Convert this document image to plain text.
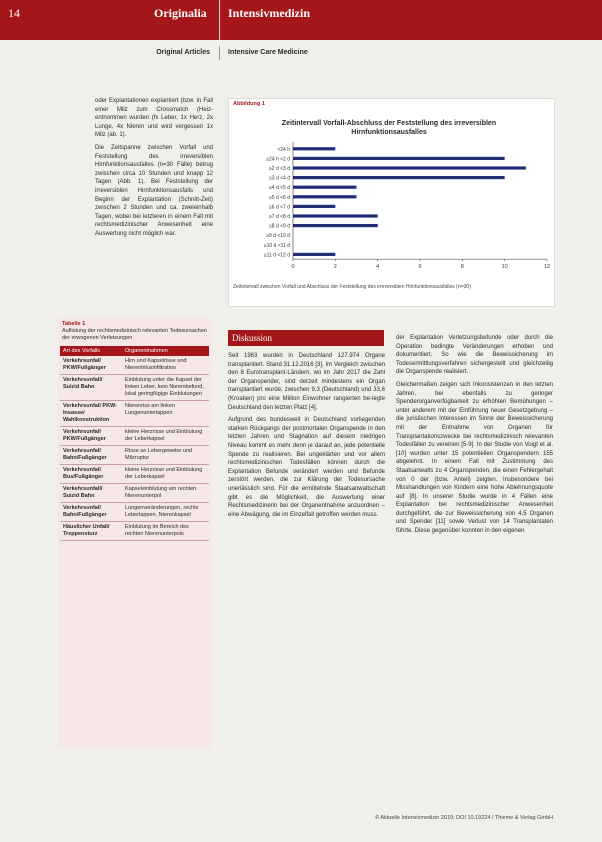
14	Originalia Intensivmedizin
Original Articles	Intensive Care Medicine

oder Explantationen explantiert (bzw. in Fall einer Milz zum Crossmatch (Heiz-entnommen wurden (fx Leber, 1x Herz, 2x Lunge, 4x Nieren und wird vergessen 1x Milz (ab. 1).

Die Zeitspanne zwischen Vorfall und Feststellung des irreversiblen Hirnfunktionsausfalles (n=30 Fälle) betrug zwischen circa 10 Stunden und knapp 12 Tagen (Abb. 1). Bei Feststellung der irreversiblen Hirnfunktionsausfalls und Beginn der Explantation (Schnitt-Zeit) zwischen 2 Stunden und ca. zweieinhalb Tagen, wobei bei letzteren in einem Fall mit rechtsmedizinischer Anwesenheit eine Auswertung nicht möglich war.

Abbildung 1
Zeitintervall Vorfall-Abschluss der Feststellung des irreversiblen Hirnfunktionsausfalles
<24 h
≥24 h <2 d
≥2 d <3 d
≥3 d <4 d
≥4 d <5 d
≥5 d <6 d
≥6 d <7 d
≥7 d <8 d
≥8 d <9 d
≥9 d <10 d
≥10 d <11 d
≥11 d <12 d
0	2	4	6	8	10	12
Zeitintervall zwischen Vorfall und Abschluss der Feststellung des irreversiblen Hirnfunktionsausfalles (n=30)
Tabelle 1
Auflistung der rechtsmedizinisch relevanten Todesursachen der erwogenen Verletzungen
Art des Vorfalls	Organentnahmen
Verkehrsunfall PKW/Fußgänger	Hirn und Kapselrisse und Nierenhilusinfiltration
Verkehrsunfall/ Suizid Bahn	Einblutung unter die Kapsel der linken Leber, kein Nierenbefund, lokal geringfügige Einblutungen
Verkehrsunfall PKW-Insasse/ Wahlkonstruktion	Nierenriss am linken Lungenunterlappen
Verkehrsunfall PKW/Fußgänger	kleine Herzrisse und Einblutung der Leberkapsel
Verkehrsunfall Bahn/Fußgänger	Risse an Lebergewebe und Milzruptur
Verkehrsunfall Bus/Fußgänger	kleine Herzrisse und Einblutung der Leberkapsel
Verkehrsunfall/ Suizid Bahn	Kapseleinblutung am rechten Nierenunterpol
Verkehrsunfall Bahn/Fußgänger	Lungenveränderungen, rechts Leberlappen, Nierenkapsel
Häuslicher Unfall/ Treppensturz	Einblutung im Bereich des rechten Nierenunterpols
Diskussion

Seit 1963 wurden in Deutschland 127.974 Organe transplantiert. Stand 31.12.2016 [3]. Im Vergleich zwischen den 8 Eurotransplant-Ländern, wo im Jahr 2017 die Zahl der Organspender, sind derzeit mindestens ein Organ transplantiert wurde, zwischen 9,3 (Deutschland) und 33,6 (Kroatien) pro eine Million Einwohner rangierten be-legte Deutschland den letzten Platz [4].

Aufgrund des bundesweit in Deutschland vorliegenden starken Rückgangs der postmortalen Organspende in den letzten Jahren und Stagnation auf diesem niedrigen Niveau kommt es mehr denn je darauf an, jede potentielle Spende zu realisieren. Bei ungeklärten und vor allem rechtsmedizinischen Todesfällen können durch die Explantation Befunde verändert werden und Befunde zerstört werden, die zur Klärung der Todesursache unerlässlich sind. Für die ermittelnde Staatsanwaltschaft gibt es die Möglichkeit, die Auswertung einer Rechtsmedizinerin bei der Organentnahme anzuordnen – eine Abwägung, die im Einzelfall getroffen werden muss.

der Explantation Verletzungsbefunde oder durch die Operation bedingte Veränderungen erhoben und dokumentiert. So wie die Beweissicherung im Todesermittlungsverfahren sichergestellt und gleichzeitig die Organspende realisiert.

Gleichermaßen zeigen sich Inkonsistenzen in den letzten Jahren, bei ebenfalls zu geringer Spenderorganverfügbarkeit zu erhöhten Bemühungen – unter anderem mit der Einführung neuer Gesetzgebung – die juristischen Interessen im Sinne der Beweissicherung mit der Entnahme von Organen für Transplantationszwecke bei rechtsmedizinisch relevanten Todesfällen zu vereinen [5-9]. In der Studie von Voigt et al. [10] wurden unter 15 potentiellen Organspendern 155 abgelehnt. In einem Fall mit Zustimmung des Staatsanwalts zu 4 Organspenden, die einen Fehlergehalt von 0 der (bzw. Anteil) zeigten. Insbesondere bei Misshandlungen von Kindern eine hohe Ablehnungsquote auf [8]. In unserer Studie wurde in 4 Fällen eine Explantation bei rechtsmedizinischer Anwesenheit durchgeführt, die zur Beweissicherung von 4,5 Organen und Spender [11] sowie Verlust von 14 Transplantaten führte. Diese gegenüber konnten in den eigenen

© Aktuelle Intensivmedizin 2019; DOI 10.19224 / Thieme & Verlag GmbH
